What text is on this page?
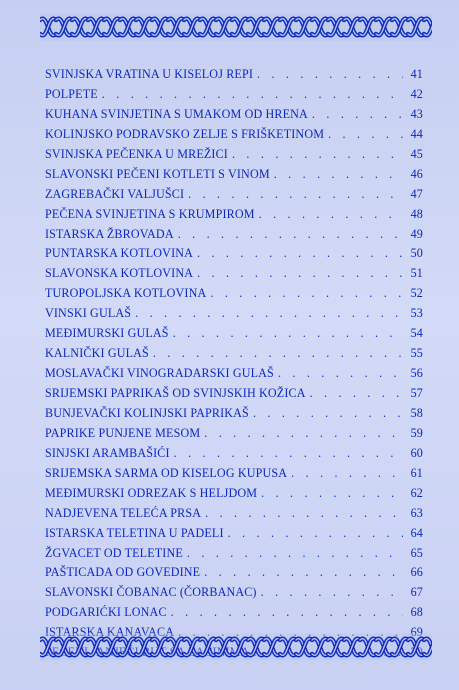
SVINJSKA VRATINA U KISELOJ REPI . . .	41
POLPETE . . .	42
KUHANA SVINJETINA S UMAKOM OD HRENA . . .	43
KOLINJSKO PODRAVSKO ZELJE S FRIŠKETINOM . . .	44
SVINJSKA PEČENKA U MREŽICI . . .	45
SLAVONSKI PEČENI KOTLETI S VINOM . . .	46
ZAGREBAČKI VALJUŠCI . . .	47
PEČENA SVINJETINA S KRUMPIROM . . .	48
ISTARSKA ŽBROVADA . . .	49
PUNTARSKA KOTLOVINA . . .	50
SLAVONSKA KOTLOVINA . . .	51
TUROPOLJSKA KOTLOVINA . . .	52
VINSKI GULAŠ . . .	53
MEĐIMURSKI GULAŠ . . .	54
KALNIČKI GULAŠ . . .	55
MOSLAVAČKI VINOGRADARSKI GULAŠ . . .	56
SRIJEMSKI PAPRIKAŠ OD SVINJSKIH KOŽICA . . .	57
BUNJEVAČKI KOLINJSKI PAPRIKAŠ . . .	58
PAPRIKE PUNJENE MESOM . . .	59
SINJSKI ARAMBAŠIĆI . . .	60
SRIJEMSKA SARMA OD KISELOG KUPUSA . . .	61
MEĐIMURSKI ODREZAK S HELJDOM . . .	62
NADJEVENA TELEĆA PRSA . . .	63
ISTARSKA TELETINA U PADELI . . .	64
ŽGVACET OD TELETINE . . .	65
PAŠTICADA OD GOVEDINE . . .	66
SLAVONSKI ČOBANAC (ČORBANAC) . . .	67
PODGARIĆKI LONAC . . .	68
ISTARSKA KANAVACA . . .	69
PEČENI JANJEĆI BUT SA ZAČINIMA . . .	70
